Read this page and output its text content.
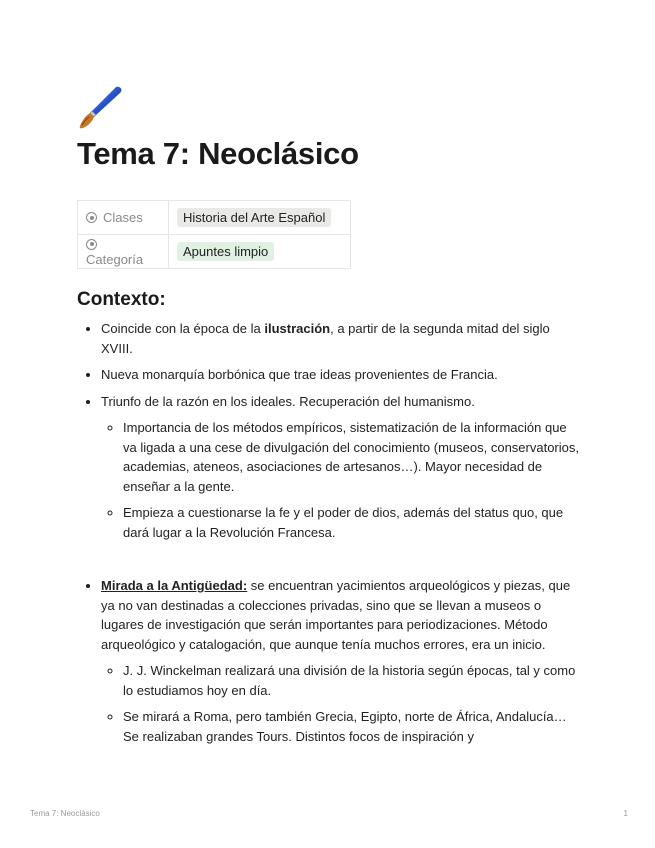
Tema 7: Neoclásico
Clases	Historia del Arte Español
Categoría	Apuntes limpio
Contexto:
• Coincide con la época de la ilustración, a partir de la segunda mitad del siglo XVIII.
• Nueva monarquía borbónica que trae ideas provenientes de Francia.
• Triunfo de la razón en los ideales. Recuperación del humanismo.
◦ Importancia de los métodos empíricos, sistematización de la información que va ligada a una cese de divulgación del conocimiento (museos, conservatorios, academias, ateneos, asociaciones de artesanos…). Mayor necesidad de enseñar a la gente.
◦ Empieza a cuestionarse la fe y el poder de dios, además del status quo, que dará lugar a la Revolución Francesa.
• Mirada a la Antigüedad: se encuentran yacimientos arqueológicos y piezas, que ya no van destinadas a colecciones privadas, sino que se llevan a museos o lugares de investigación que serán importantes para periodizaciones. Método arqueológico y catalogación, que aunque tenía muchos errores, era un inicio.
◦ J. J. Winckelman realizará una división de la historia según épocas, tal y como lo estudiamos hoy en día.
◦ Se mirará a Roma, pero también Grecia, Egipto, norte de África, Andalucía… Se realizaban grandes Tours. Distintos focos de inspiración y
Tema 7: Neoclásico	1
